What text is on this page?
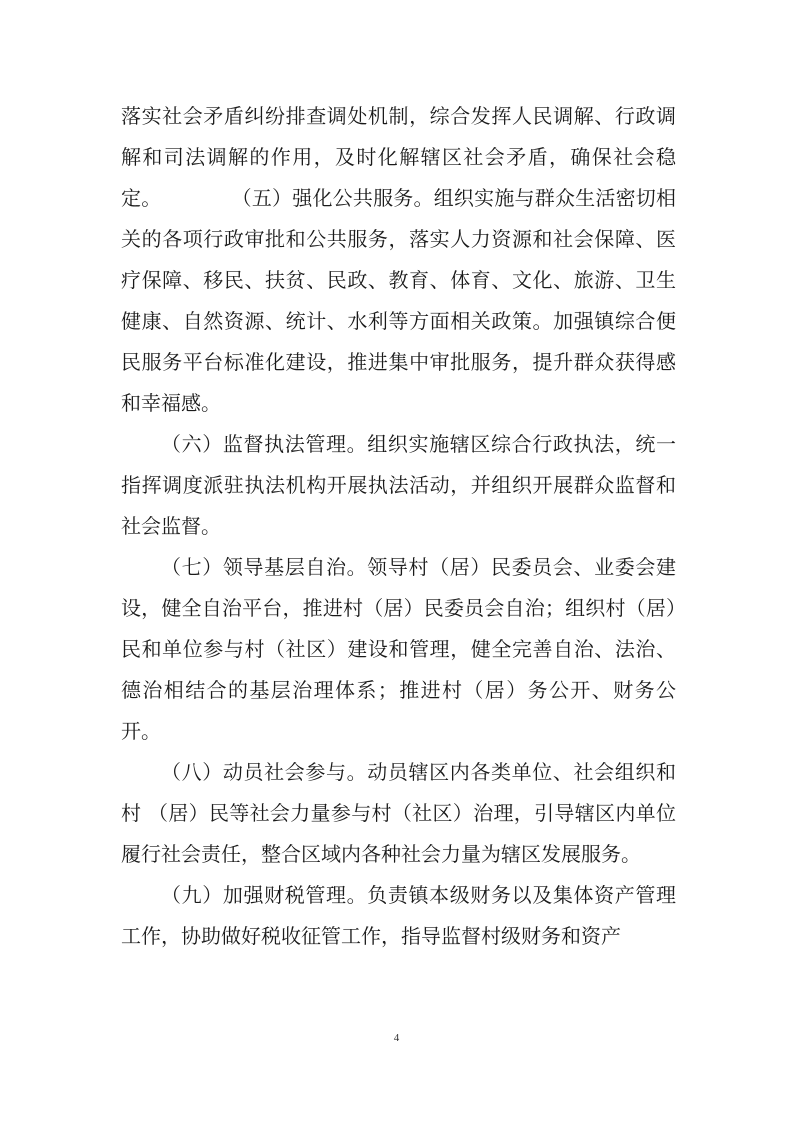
落实社会矛盾纠纷排查调处机制，综合发挥人民调解、行政调解和司法调解的作用，及时化解辖区社会矛盾，确保社会稳定。	（五）强化公共服务。组织实施与群众生活密切相关的各项行政审批和公共服务，落实人力资源和社会保障、医疗保障、移民、扶贫、民政、教育、体育、文化、旅游、卫生健康、自然资源、统计、水利等方面相关政策。加强镇综合便民服务平台标准化建设，推进集中审批服务，提升群众获得感和幸福感。

（六）监督执法管理。组织实施辖区综合行政执法，统一指挥调度派驻执法机构开展执法活动，并组织开展群众监督和社会监督。

（七）领导基层自治。领导村（居）民委员会、业委会建设，健全自治平台，推进村（居）民委员会自治；组织村（居）民和单位参与村（社区）建设和管理，健全完善自治、法治、德治相结合的基层治理体系；推进村（居）务公开、财务公开。

（八）动员社会参与。动员辖区内各类单位、社会组织和村 （居）民等社会力量参与村（社区）治理，引导辖区内单位履行社会责任，整合区域内各种社会力量为辖区发展服务。

（九）加强财税管理。负责镇本级财务以及集体资产管理工作，协助做好税收征管工作，指导监督村级财务和资产

4
